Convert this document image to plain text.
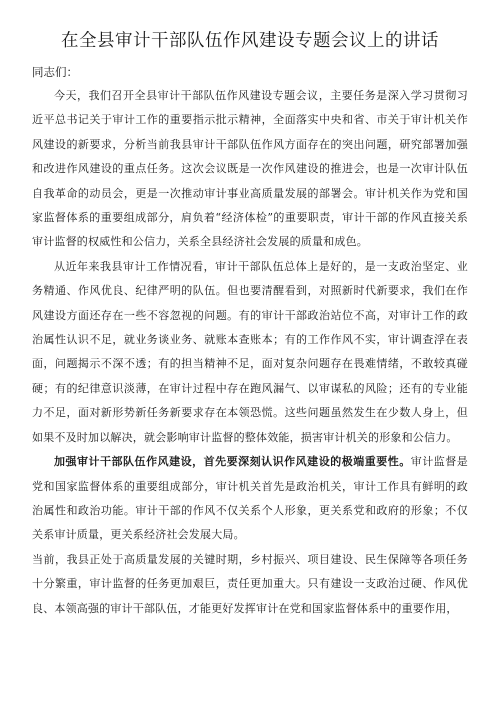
在全县审计干部队伍作风建设专题会议上的讲话

同志们：

今天，我们召开全县审计干部队伍作风建设专题会议，主要任务是深入学习贯彻习近平总书记关于审计工作的重要指示批示精神，全面落实中央和省、市关于审计机关作风建设的新要求，分析当前我县审计干部队伍作风方面存在的突出问题，研究部署加强和改进作风建设的重点任务。这次会议既是一次作风建设的推进会，也是一次审计队伍自我革命的动员会，更是一次推动审计事业高质量发展的部署会。审计机关作为党和国家监督体系的重要组成部分，肩负着“经济体检”的重要职责，审计干部的作风直接关系审计监督的权威性和公信力，关系全县经济社会发展的质量和成色。

从近年来我县审计工作情况看，审计干部队伍总体上是好的，是一支政治坚定、业务精通、作风优良、纪律严明的队伍。但也要清醒看到，对照新时代新要求，我们在作风建设方面还存在一些不容忽视的问题。有的审计干部政治站位不高，对审计工作的政治属性认识不足，就业务谈业务、就账本查账本；有的工作作风不实，审计调查浮在表面，问题揭示不深不透；有的担当精神不足，面对复杂问题存在畏难情绪，不敢较真碰硬；有的纪律意识淡薄，在审计过程中存在跑风漏气、以审谋私的风险；还有的专业能力不足，面对新形势新任务新要求存在本领恐慌。这些问题虽然发生在少数人身上，但如果不及时加以解决，就会影响审计监督的整体效能，损害审计机关的形象和公信力。

加强审计干部队伍作风建设，首先要深刻认识作风建设的极端重要性。审计监督是党和国家监督体系的重要组成部分，审计机关首先是政治机关，审计工作具有鲜明的政治属性和政治功能。审计干部的作风不仅关系个人形象，更关系党和政府的形象；不仅关系审计质量，更关系经济社会发展大局。

当前，我县正处于高质量发展的关键时期，乡村振兴、项目建设、民生保障等各项任务十分繁重，审计监督的任务更加艰巨，责任更加重大。只有建设一支政治过硬、作风优良、本领高强的审计干部队伍，才能更好发挥审计在党和国家监督体系中的重要作用，
